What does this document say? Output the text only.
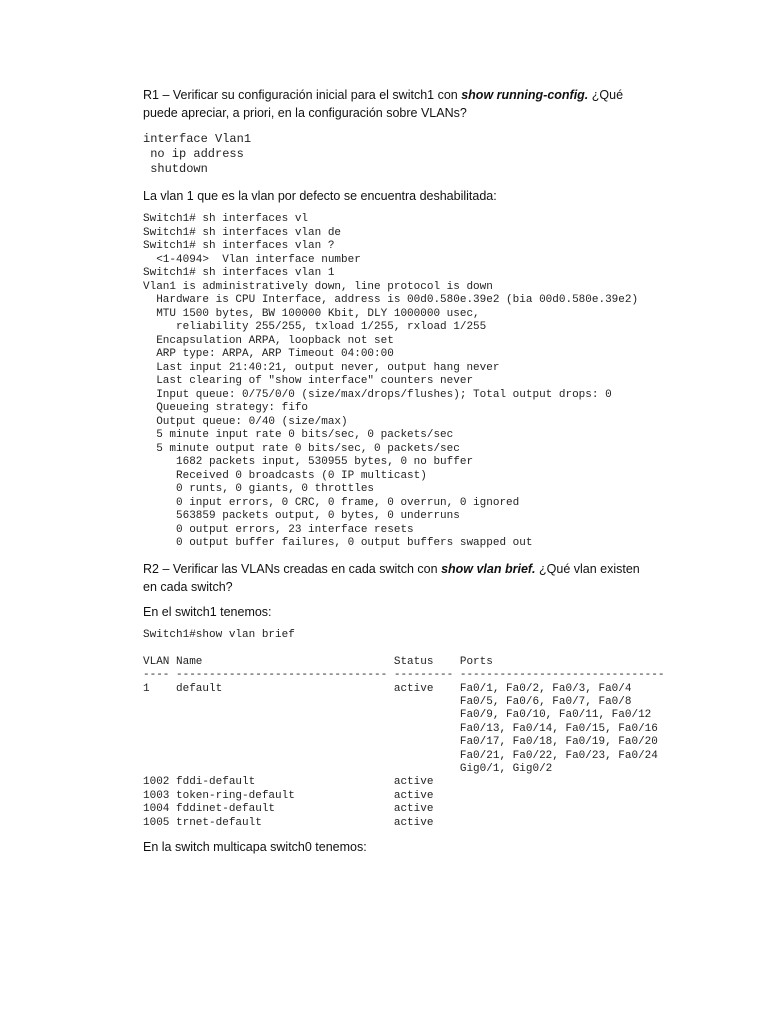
R1 – Verificar su configuración inicial para el switch1 con show running-config. ¿Qué puede apreciar, a priori, en la configuración sobre VLANs?

interface Vlan1
no ip address
shutdown

La vlan 1 que es la vlan por defecto se encuentra deshabilitada:

Switch1# sh interfaces vl
Switch1# sh interfaces vlan de
Switch1# sh interfaces vlan ?
<1-4094>  Vlan interface number
Switch1# sh interfaces vlan 1
Vlan1 is administratively down, line protocol is down
Hardware is CPU Interface, address is 00d0.580e.39e2 (bia 00d0.580e.39e2)
MTU 1500 bytes, BW 100000 Kbit, DLY 1000000 usec,
reliability 255/255, txload 1/255, rxload 1/255
Encapsulation ARPA, loopback not set
ARP type: ARPA, ARP Timeout 04:00:00
Last input 21:40:21, output never, output hang never
Last clearing of "show interface" counters never
Input queue: 0/75/0/0 (size/max/drops/flushes); Total output drops: 0
Queueing strategy: fifo
Output queue: 0/40 (size/max)
5 minute input rate 0 bits/sec, 0 packets/sec
5 minute output rate 0 bits/sec, 0 packets/sec
1682 packets input, 530955 bytes, 0 no buffer
Received 0 broadcasts (0 IP multicast)
0 runts, 0 giants, 0 throttles
0 input errors, 0 CRC, 0 frame, 0 overrun, 0 ignored
563859 packets output, 0 bytes, 0 underruns
0 output errors, 23 interface resets
0 output buffer failures, 0 output buffers swapped out

R2 – Verificar las VLANs creadas en cada switch con show vlan brief. ¿Qué vlan existen en cada switch?

En el switch1 tenemos:

Switch1#show vlan brief

VLAN Name                             Status    Ports
---- -------------------------------- --------- -------------------------------
1    default                          active    Fa0/1, Fa0/2, Fa0/3, Fa0/4
Fa0/5, Fa0/6, Fa0/7, Fa0/8
Fa0/9, Fa0/10, Fa0/11, Fa0/12
Fa0/13, Fa0/14, Fa0/15, Fa0/16
Fa0/17, Fa0/18, Fa0/19, Fa0/20
Fa0/21, Fa0/22, Fa0/23, Fa0/24
Gig0/1, Gig0/2
1002 fddi-default                     active
1003 token-ring-default               active
1004 fddinet-default                  active
1005 trnet-default                    active

En la switch multicapa switch0 tenemos:
